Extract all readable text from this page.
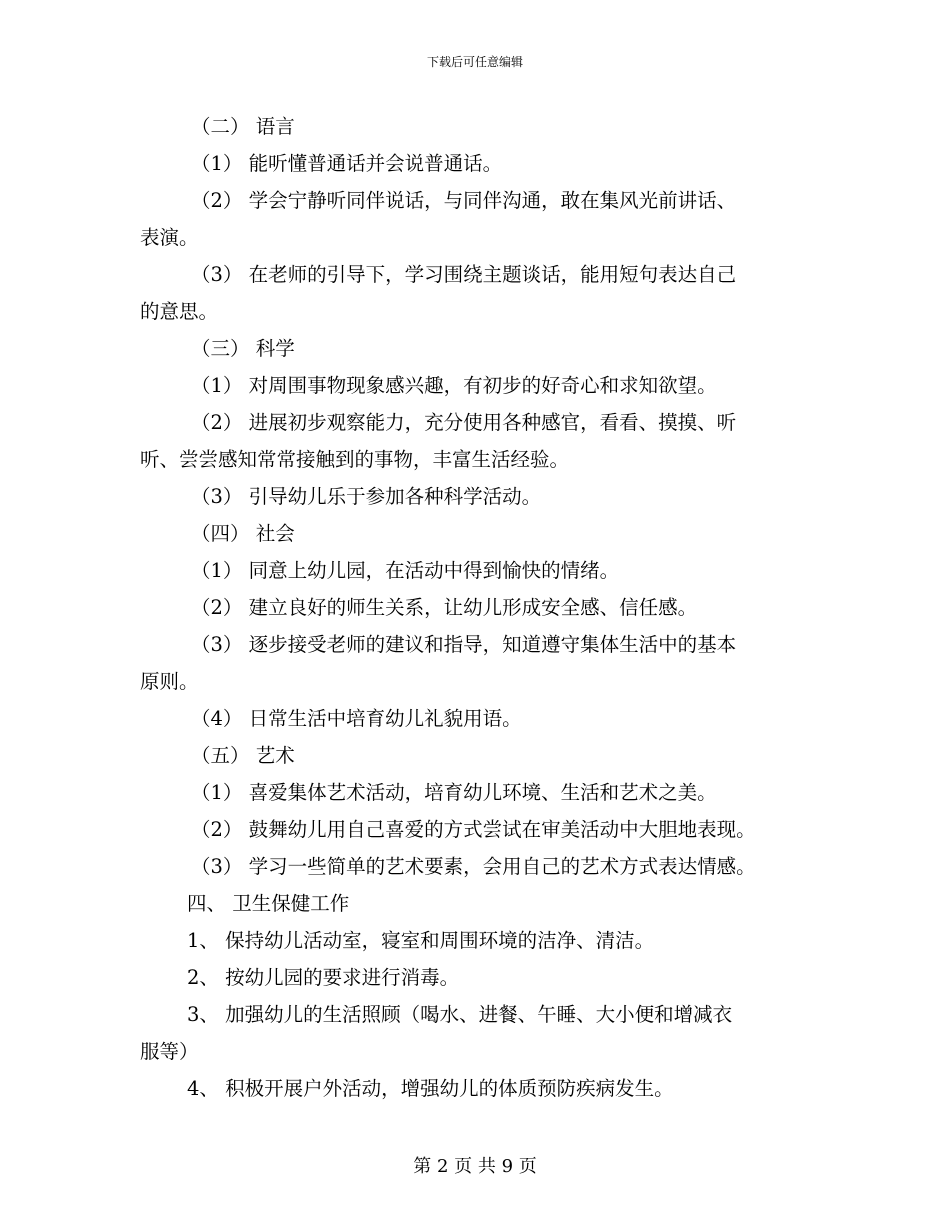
下载后可任意编辑
（二） 语言
（1） 能听懂普通话并会说普通话。
（2） 学会宁静听同伴说话，与同伴沟通，敢在集风光前讲话、
表演。
（3） 在老师的引导下，学习围绕主题谈话，能用短句表达自己
的意思。
（三） 科学
（1） 对周围事物现象感兴趣，有初步的好奇心和求知欲望。
（2） 进展初步观察能力，充分使用各种感官，看看、摸摸、听
听、尝尝感知常常接触到的事物，丰富生活经验。
（3） 引导幼儿乐于参加各种科学活动。
（四） 社会
（1） 同意上幼儿园，在活动中得到愉快的情绪。
（2） 建立良好的师生关系，让幼儿形成安全感、信任感。
（3） 逐步接受老师的建议和指导，知道遵守集体生活中的基本
原则。
（4） 日常生活中培育幼儿礼貌用语。
（五） 艺术
（1） 喜爱集体艺术活动，培育幼儿环境、生活和艺术之美。
（2） 鼓舞幼儿用自己喜爱的方式尝试在审美活动中大胆地表现。
（3） 学习一些简单的艺术要素，会用自己的艺术方式表达情感。
四、 卫生保健工作
1、 保持幼儿活动室，寝室和周围环境的洁净、清洁。
2、 按幼儿园的要求进行消毒。
3、 加强幼儿的生活照顾（喝水、进餐、午睡、大小便和增减衣
服等）
4、 积极开展户外活动，增强幼儿的体质预防疾病发生。
第 2 页 共 9 页
